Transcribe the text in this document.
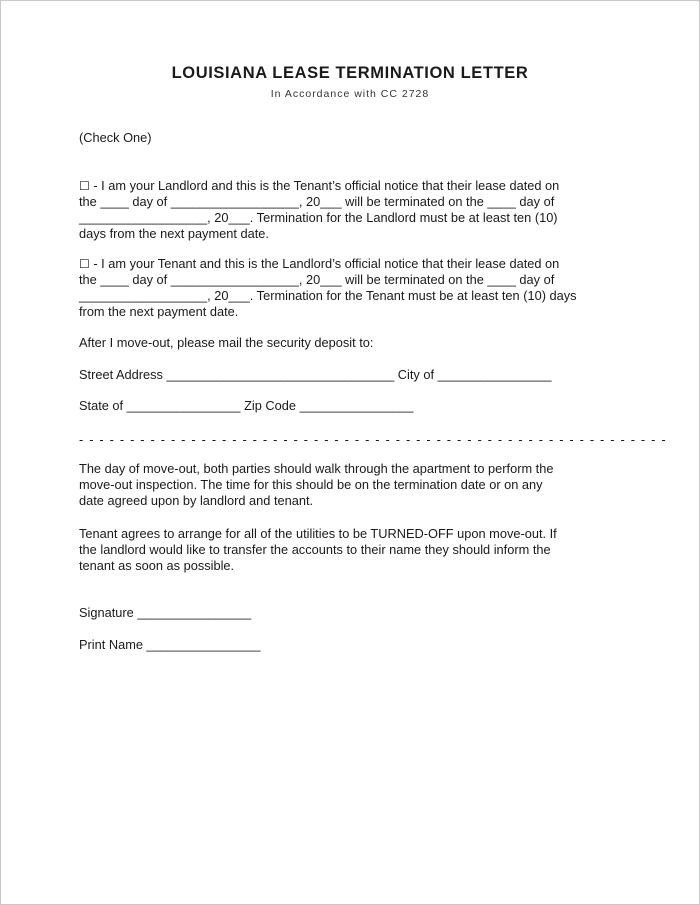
LOUISIANA LEASE TERMINATION LETTER
In Accordance with CC 2728

(Check One)

☐ - I am your Landlord and this is the Tenant’s official notice that their lease dated on

the ____ day of __________________, 20___ will be terminated on the ____ day of

__________________, 20___. Termination for the Landlord must be at least ten (10)

days from the next payment date.

☐ - I am your Tenant and this is the Landlord’s official notice that their lease dated on

the ____ day of __________________, 20___ will be terminated on the ____ day of

__________________, 20___. Termination for the Tenant must be at least ten (10) days

from the next payment date.

After I move-out, please mail the security deposit to:

Street Address ________________________________ City of ________________

State of ________________ Zip Code ________________

- - - - - - - - - - - - - - - - - - - - - - - - - - - - - - - - - - - - - - - - - - - - - - - - - - - - - - - - - -

The day of move-out, both parties should walk through the apartment to perform the

move-out inspection. The time for this should be on the termination date or on any

date agreed upon by landlord and tenant.

Tenant agrees to arrange for all of the utilities to be TURNED-OFF upon move-out. If

the landlord would like to transfer the accounts to their name they should inform the

tenant as soon as possible.

Signature ________________

Print Name ________________
